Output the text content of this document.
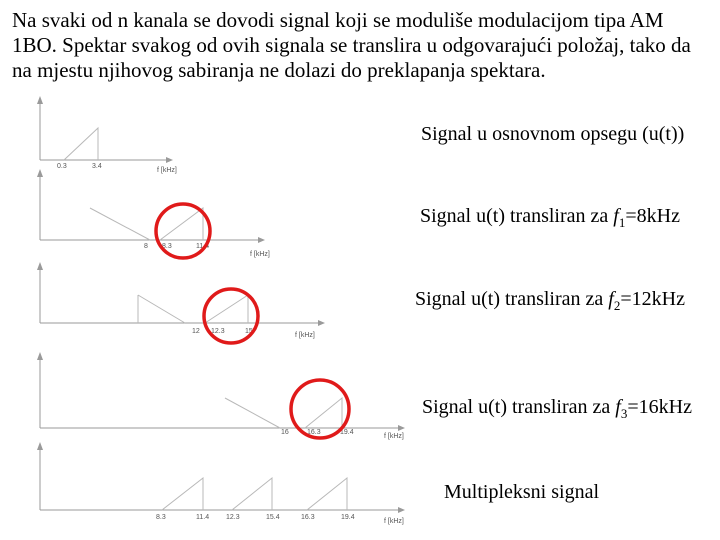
Na svaki od n kanala se dovodi signal koji se moduliše modulacijom tipa AM 1BO. Spektar svakog od ovih signala se translira u odgovarajući položaj, tako da na mjestu njihovog sabiranja ne dolazi do preklapanja spektara.

0.3	3.4
f [kHz]
8 8.3	11.4
f [kHz]
12 12.3	15
f [kHz]
16	16.3	19.4
f [kHz]
8.3	11.4 12.3	15.4	16.3	19.4
f [kHz]
Signal u osnovnom opsegu (u(t))
Signal u(t) transliran za $f_1=8kHz$
Signal u(t) transliran za $f_2=12kHz$
Signal u(t) transliran za $f_3=16kHz$
Multipleksni signal
